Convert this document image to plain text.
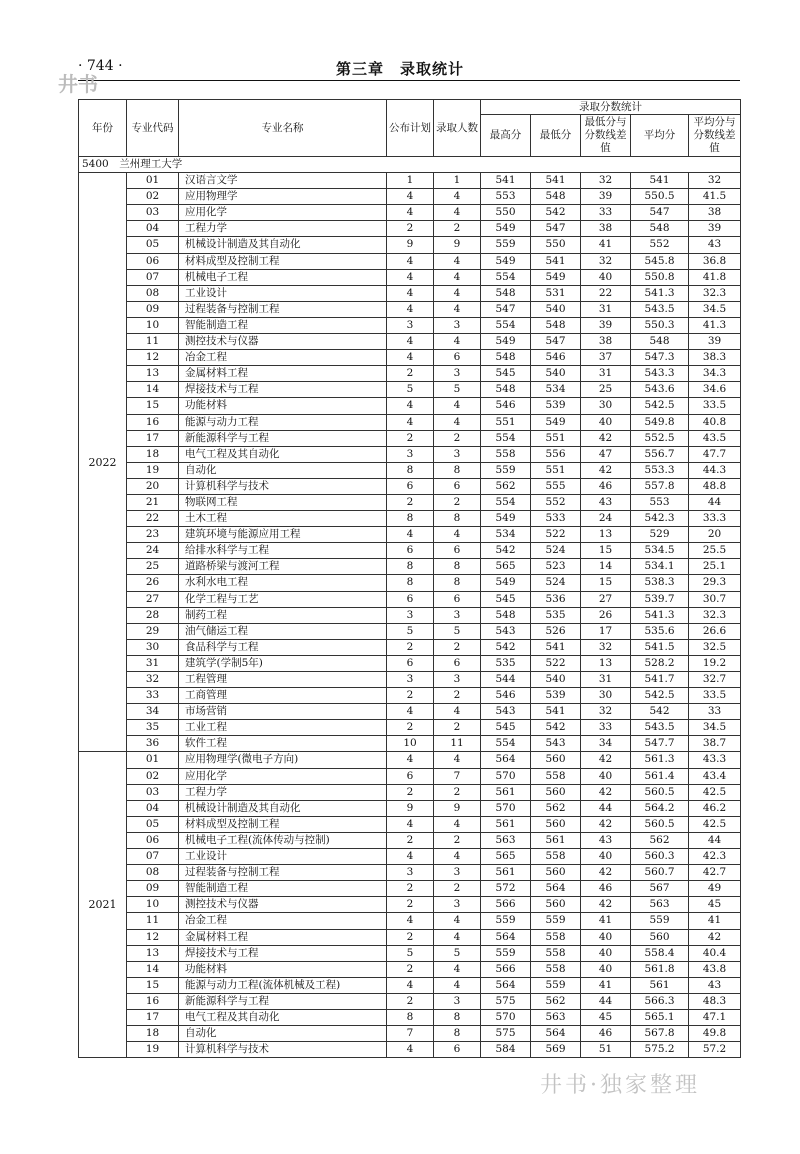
· 744 ·	第三章　录取统计
井书
年份	专业代码	专业名称	公布计划	录取人数	录取分数统计				
					最高分	最低分	最低分与分数线差值	平均分	平均分与分数线差值
5400　兰州理工大学									
2022	01	汉语言文学	1	1	541	541	32	541	32
	02	应用物理学	4	4	553	548	39	550.5	41.5
	03	应用化学	4	4	550	542	33	547	38
	04	工程力学	2	2	549	547	38	548	39
	05	机械设计制造及其自动化	9	9	559	550	41	552	43
	06	材料成型及控制工程	4	4	549	541	32	545.8	36.8
	07	机械电子工程	4	4	554	549	40	550.8	41.8
	08	工业设计	4	4	548	531	22	541.3	32.3
	09	过程装备与控制工程	4	4	547	540	31	543.5	34.5
	10	智能制造工程	3	3	554	548	39	550.3	41.3
	11	测控技术与仪器	4	4	549	547	38	548	39
	12	冶金工程	4	6	548	546	37	547.3	38.3
	13	金属材料工程	2	3	545	540	31	543.3	34.3
	14	焊接技术与工程	5	5	548	534	25	543.6	34.6
	15	功能材料	4	4	546	539	30	542.5	33.5
	16	能源与动力工程	4	4	551	549	40	549.8	40.8
	17	新能源科学与工程	2	2	554	551	42	552.5	43.5
	18	电气工程及其自动化	3	3	558	556	47	556.7	47.7
	19	自动化	8	8	559	551	42	553.3	44.3
	20	计算机科学与技术	6	6	562	555	46	557.8	48.8
	21	物联网工程	2	2	554	552	43	553	44
	22	土木工程	8	8	549	533	24	542.3	33.3
	23	建筑环境与能源应用工程	4	4	534	522	13	529	20
	24	给排水科学与工程	6	6	542	524	15	534.5	25.5
	25	道路桥梁与渡河工程	8	8	565	523	14	534.1	25.1
	26	水利水电工程	8	8	549	524	15	538.3	29.3
	27	化学工程与工艺	6	6	545	536	27	539.7	30.7
	28	制药工程	3	3	548	535	26	541.3	32.3
	29	油气储运工程	5	5	543	526	17	535.6	26.6
	30	食品科学与工程	2	2	542	541	32	541.5	32.5
	31	建筑学(学制5年)	6	6	535	522	13	528.2	19.2
	32	工程管理	3	3	544	540	31	541.7	32.7
	33	工商管理	2	2	546	539	30	542.5	33.5
	34	市场营销	4	4	543	541	32	542	33
	35	工业工程	2	2	545	542	33	543.5	34.5
	36	软件工程	10	11	554	543	34	547.7	38.7
2021	01	应用物理学(微电子方向)	4	4	564	560	42	561.3	43.3
	02	应用化学	6	7	570	558	40	561.4	43.4
	03	工程力学	2	2	561	560	42	560.5	42.5
	04	机械设计制造及其自动化	9	9	570	562	44	564.2	46.2
	05	材料成型及控制工程	4	4	561	560	42	560.5	42.5
	06	机械电子工程(流体传动与控制)	2	2	563	561	43	562	44
	07	工业设计	4	4	565	558	40	560.3	42.3
	08	过程装备与控制工程	3	3	561	560	42	560.7	42.7
	09	智能制造工程	2	2	572	564	46	567	49
	10	测控技术与仪器	2	3	566	560	42	563	45
	11	冶金工程	4	4	559	559	41	559	41
	12	金属材料工程	2	4	564	558	40	560	42
	13	焊接技术与工程	5	5	559	558	40	558.4	40.4
	14	功能材料	2	4	566	558	40	561.8	43.8
	15	能源与动力工程(流体机械及工程)	4	4	564	559	41	561	43
	16	新能源科学与工程	2	3	575	562	44	566.3	48.3
	17	电气工程及其自动化	8	8	570	563	45	565.1	47.1
	18	自动化	7	8	575	564	46	567.8	49.8
	19	计算机科学与技术	4	6	584	569	51	575.2	57.2
井书·独家整理
